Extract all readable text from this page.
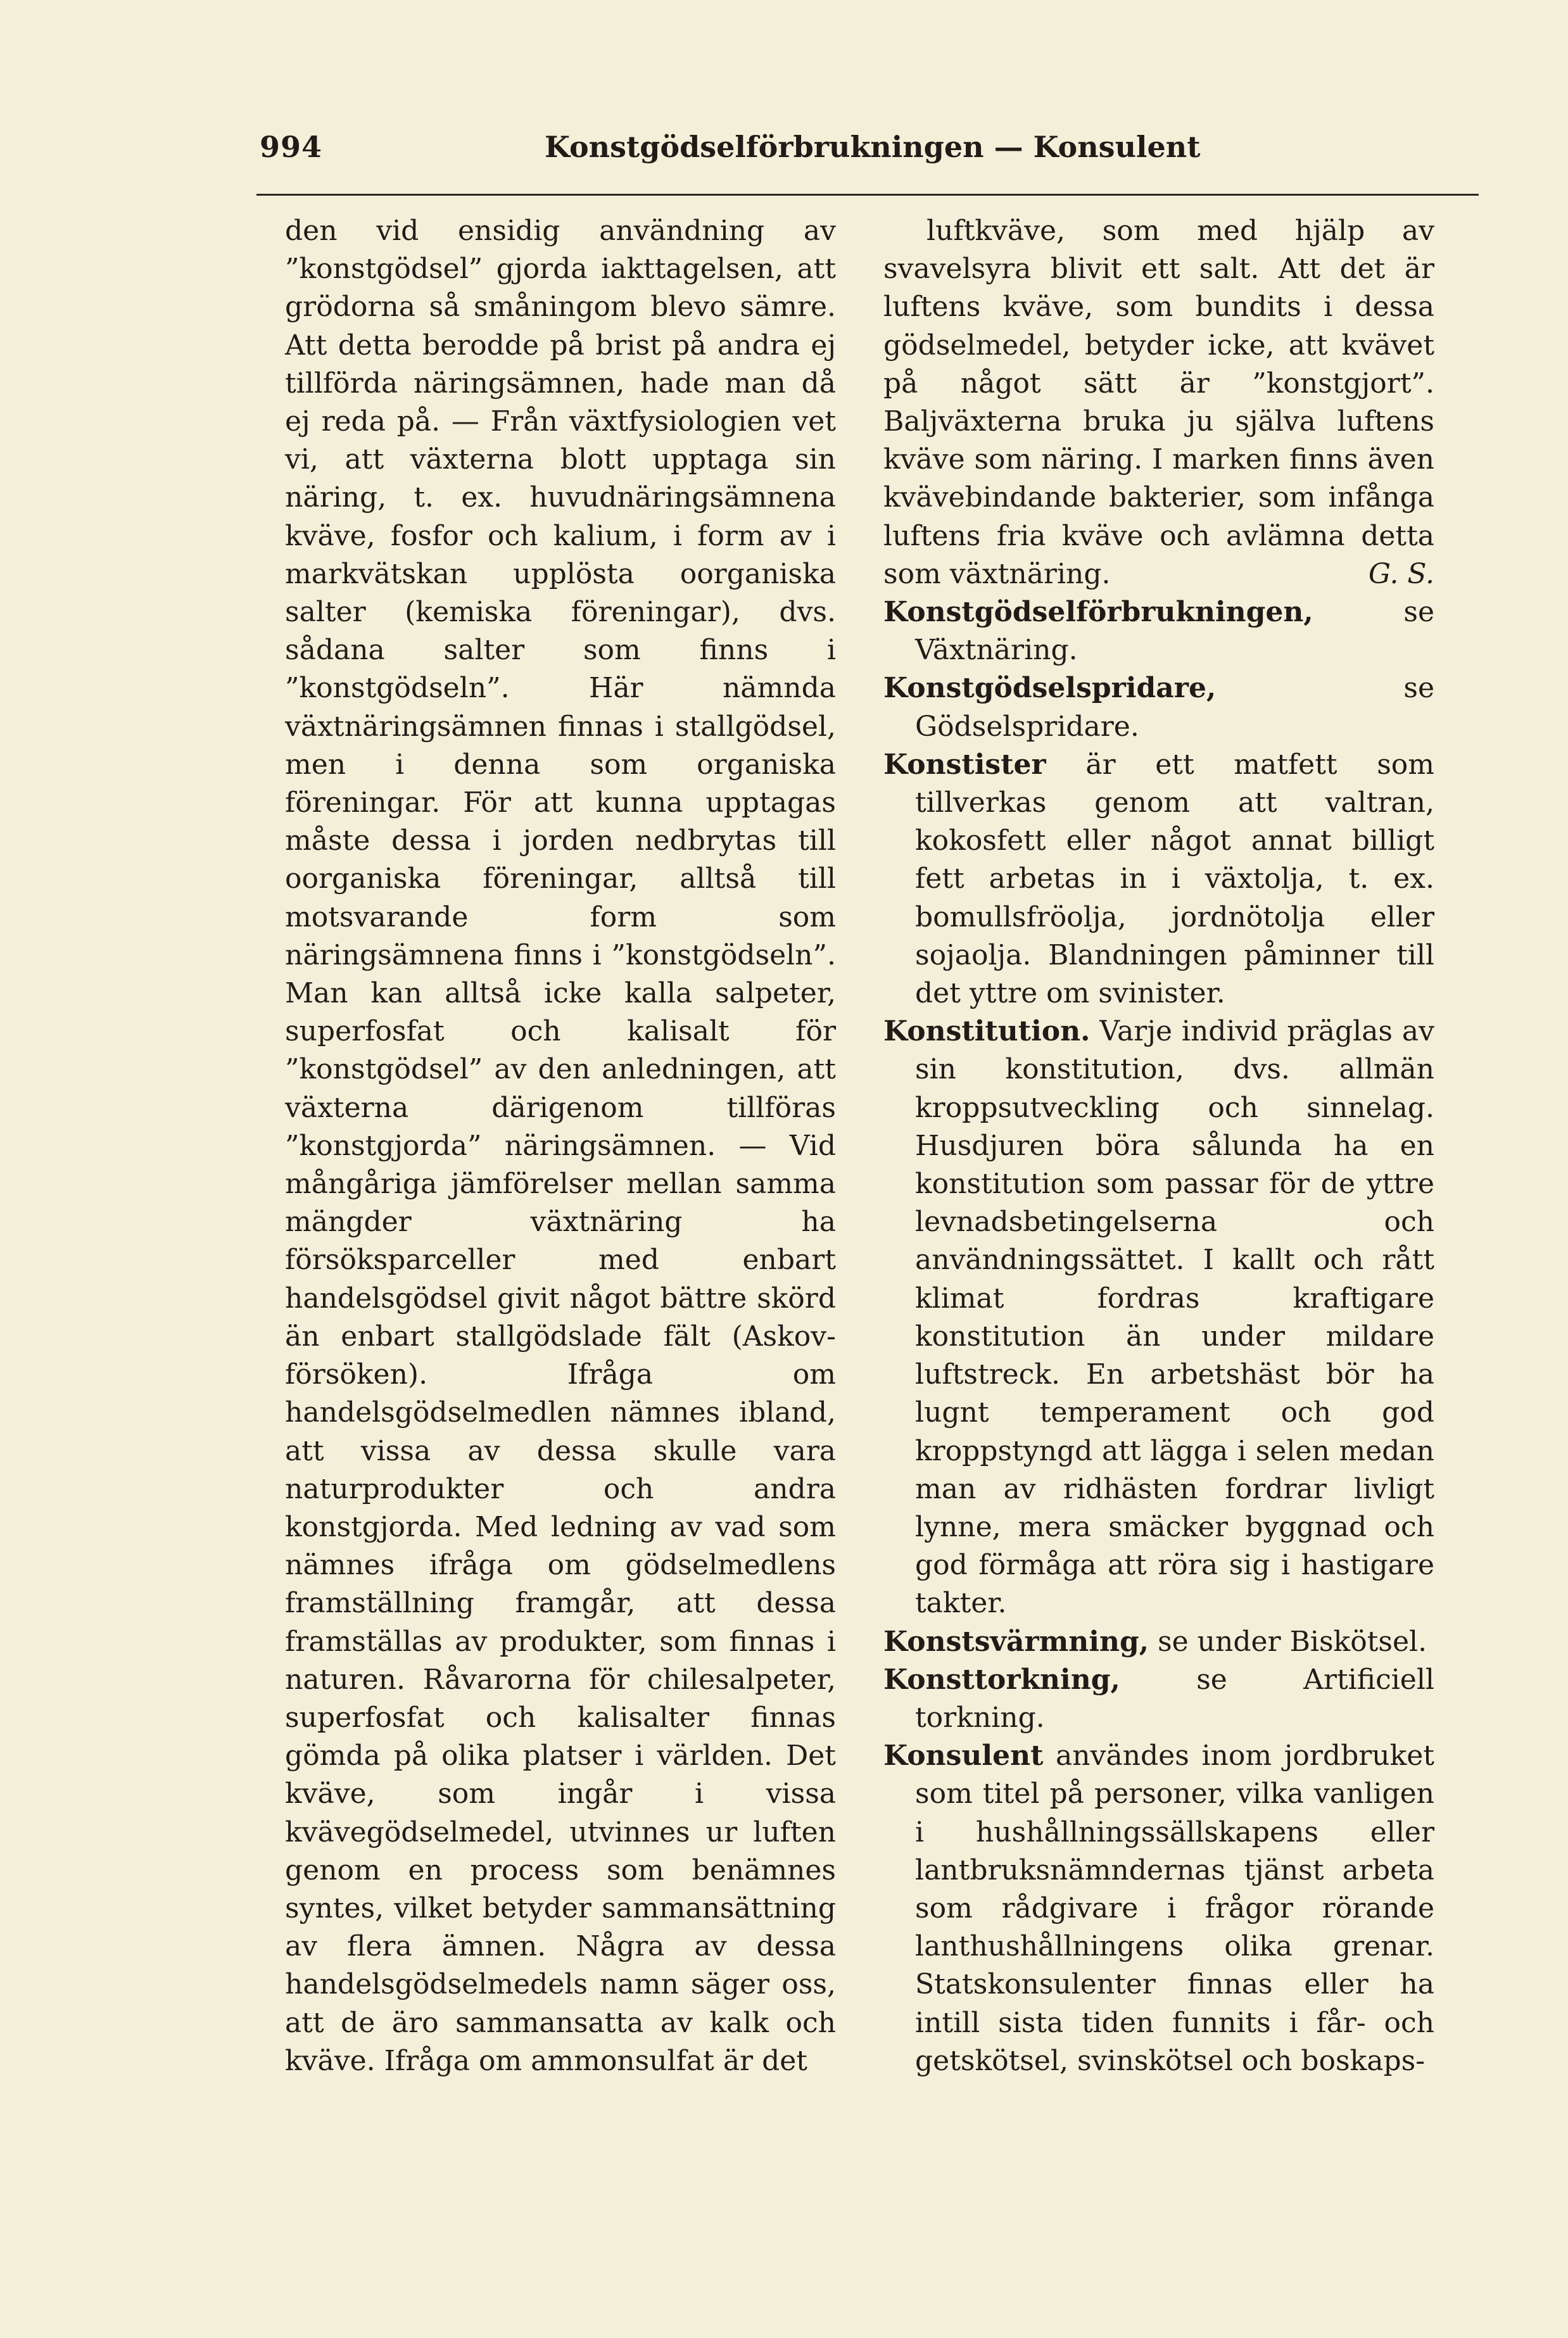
994	Konstgödselförbrukningen — Konsulent

den vid ensidig användning av ”konstgödsel” gjorda iakttagelsen, att grödorna så småningom blevo sämre. Att detta berodde på brist på andra ej tillförda näringsämnen, hade man då ej reda på. — Från växtfysiologien vet vi, att växterna blott upptaga sin näring, t. ex. huvudnäringsämnena kväve, fosfor och kalium, i form av i markvätskan upplösta oorganiska salter (kemiska föreningar), dvs. sådana salter som finns i ”konstgödseln”. Här nämnda växtnäringsämnen finnas i stallgödsel, men i denna som organiska föreningar. För att kunna upptagas måste dessa i jorden nedbrytas till oorganiska föreningar, alltså till motsvarande form som näringsämnena finns i ”konstgödseln”. Man kan alltså icke kalla salpeter, superfosfat och kalisalt för ”konstgödsel” av den anledningen, att växterna därigenom tillföras ”konstgjorda” näringsämnen. — Vid mångåriga jämförelser mellan samma mängder växtnäring ha försöksparceller med enbart handelsgödsel givit något bättre skörd än enbart stallgödslade fält (Askov-försöken). Ifråga om handelsgödselmedlen nämnes ibland, att vissa av dessa skulle vara naturprodukter och andra konstgjorda. Med ledning av vad som nämnes ifråga om gödselmedlens framställning framgår, att dessa framställas av produkter, som finnas i naturen. Råvarorna för chilesalpeter, superfosfat och kalisalter finnas gömda på olika platser i världen. Det kväve, som ingår i vissa kvävegödselmedel, utvinnes ur luften genom en process som benämnes syntes, vilket betyder sammansättning av flera ämnen. Några av dessa handelsgödselmedels namn säger oss, att de äro sammansatta av kalk och kväve. Ifråga om ammonsulfat är det

luftkväve, som med hjälp av svavelsyra blivit ett salt. Att det är luftens kväve, som bundits i dessa gödselmedel, betyder icke, att kvävet på något sätt är ”konstgjort”. Baljväxterna bruka ju själva luftens kväve som näring. I marken finns även kvävebindande bakterier, som infånga luftens fria kväve och avlämna detta som växtnäring.	G. S.

Konstgödselförbrukningen, se Växtnäring.

Konstgödselspridare, se Gödselspridare.

Konstister är ett matfett som tillverkas genom att valtran, kokosfett eller något annat billigt fett arbetas in i växtolja, t. ex. bomullsfröolja, jordnötolja eller sojaolja. Blandningen påminner till det yttre om svinister.

Konstitution. Varje individ präglas av sin konstitution, dvs. allmän kroppsutveckling och sinnelag. Husdjuren böra sålunda ha en konstitution som passar för de yttre levnadsbetingelserna och användningssättet. I kallt och rått klimat fordras kraftigare konstitution än under mildare luftstreck. En arbetshäst bör ha lugnt temperament och god kroppstyngd att lägga i selen medan man av ridhästen fordrar livligt lynne, mera smäcker byggnad och god förmåga att röra sig i hastigare takter.

Konstsvärmning, se under Biskötsel.

Konsttorkning, se Artificiell torkning.

Konsulent användes inom jordbruket som titel på personer, vilka vanligen i hushållningssällskapens eller lantbruksnämndernas tjänst arbeta som rådgivare i frågor rörande lanthushållningens olika grenar. Statskonsulenter finnas eller ha intill sista tiden funnits i får- och getskötsel, svinskötsel och boskaps-
